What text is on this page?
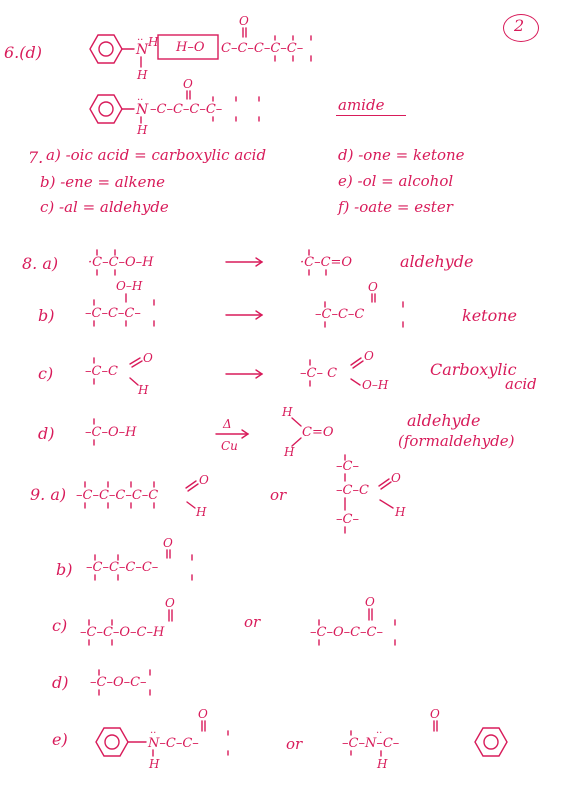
2
6.(d)	N
.. H
H
H–O C–C–C–C–C–
O
N
..
H
–C–C–C–C–
O
amide
7. a) -oic acid = carboxylic acid
b) -ene = alkene
c) -al = aldehyde
d) -one = ketone
e) -ol = alcohol
f) -oate = ester
8. a)
b)
c)
d)
·C–C–O–H	·C–C=O
O–H
–C–C–C–	–C–C–C
O
–C–C
O
H
–C– C
O
O–H
–C–O–H
H
C=O
H
Δ
Cu
aldehyde
ketone
Carboxylic
acid
aldehyde
(formaldehyde)
9. a)
b)
c)
d)
e)
or
or
or
–C–C–C–C–C
O
H
–C–
–C–C
O
H
–C–
–C–C–C–C–
O
–C–C–O–C–H
O
–C–O–C–C–
O
–C–O–C–
N–C–C–
..
H
O
–C–N–C–
..
H
O
